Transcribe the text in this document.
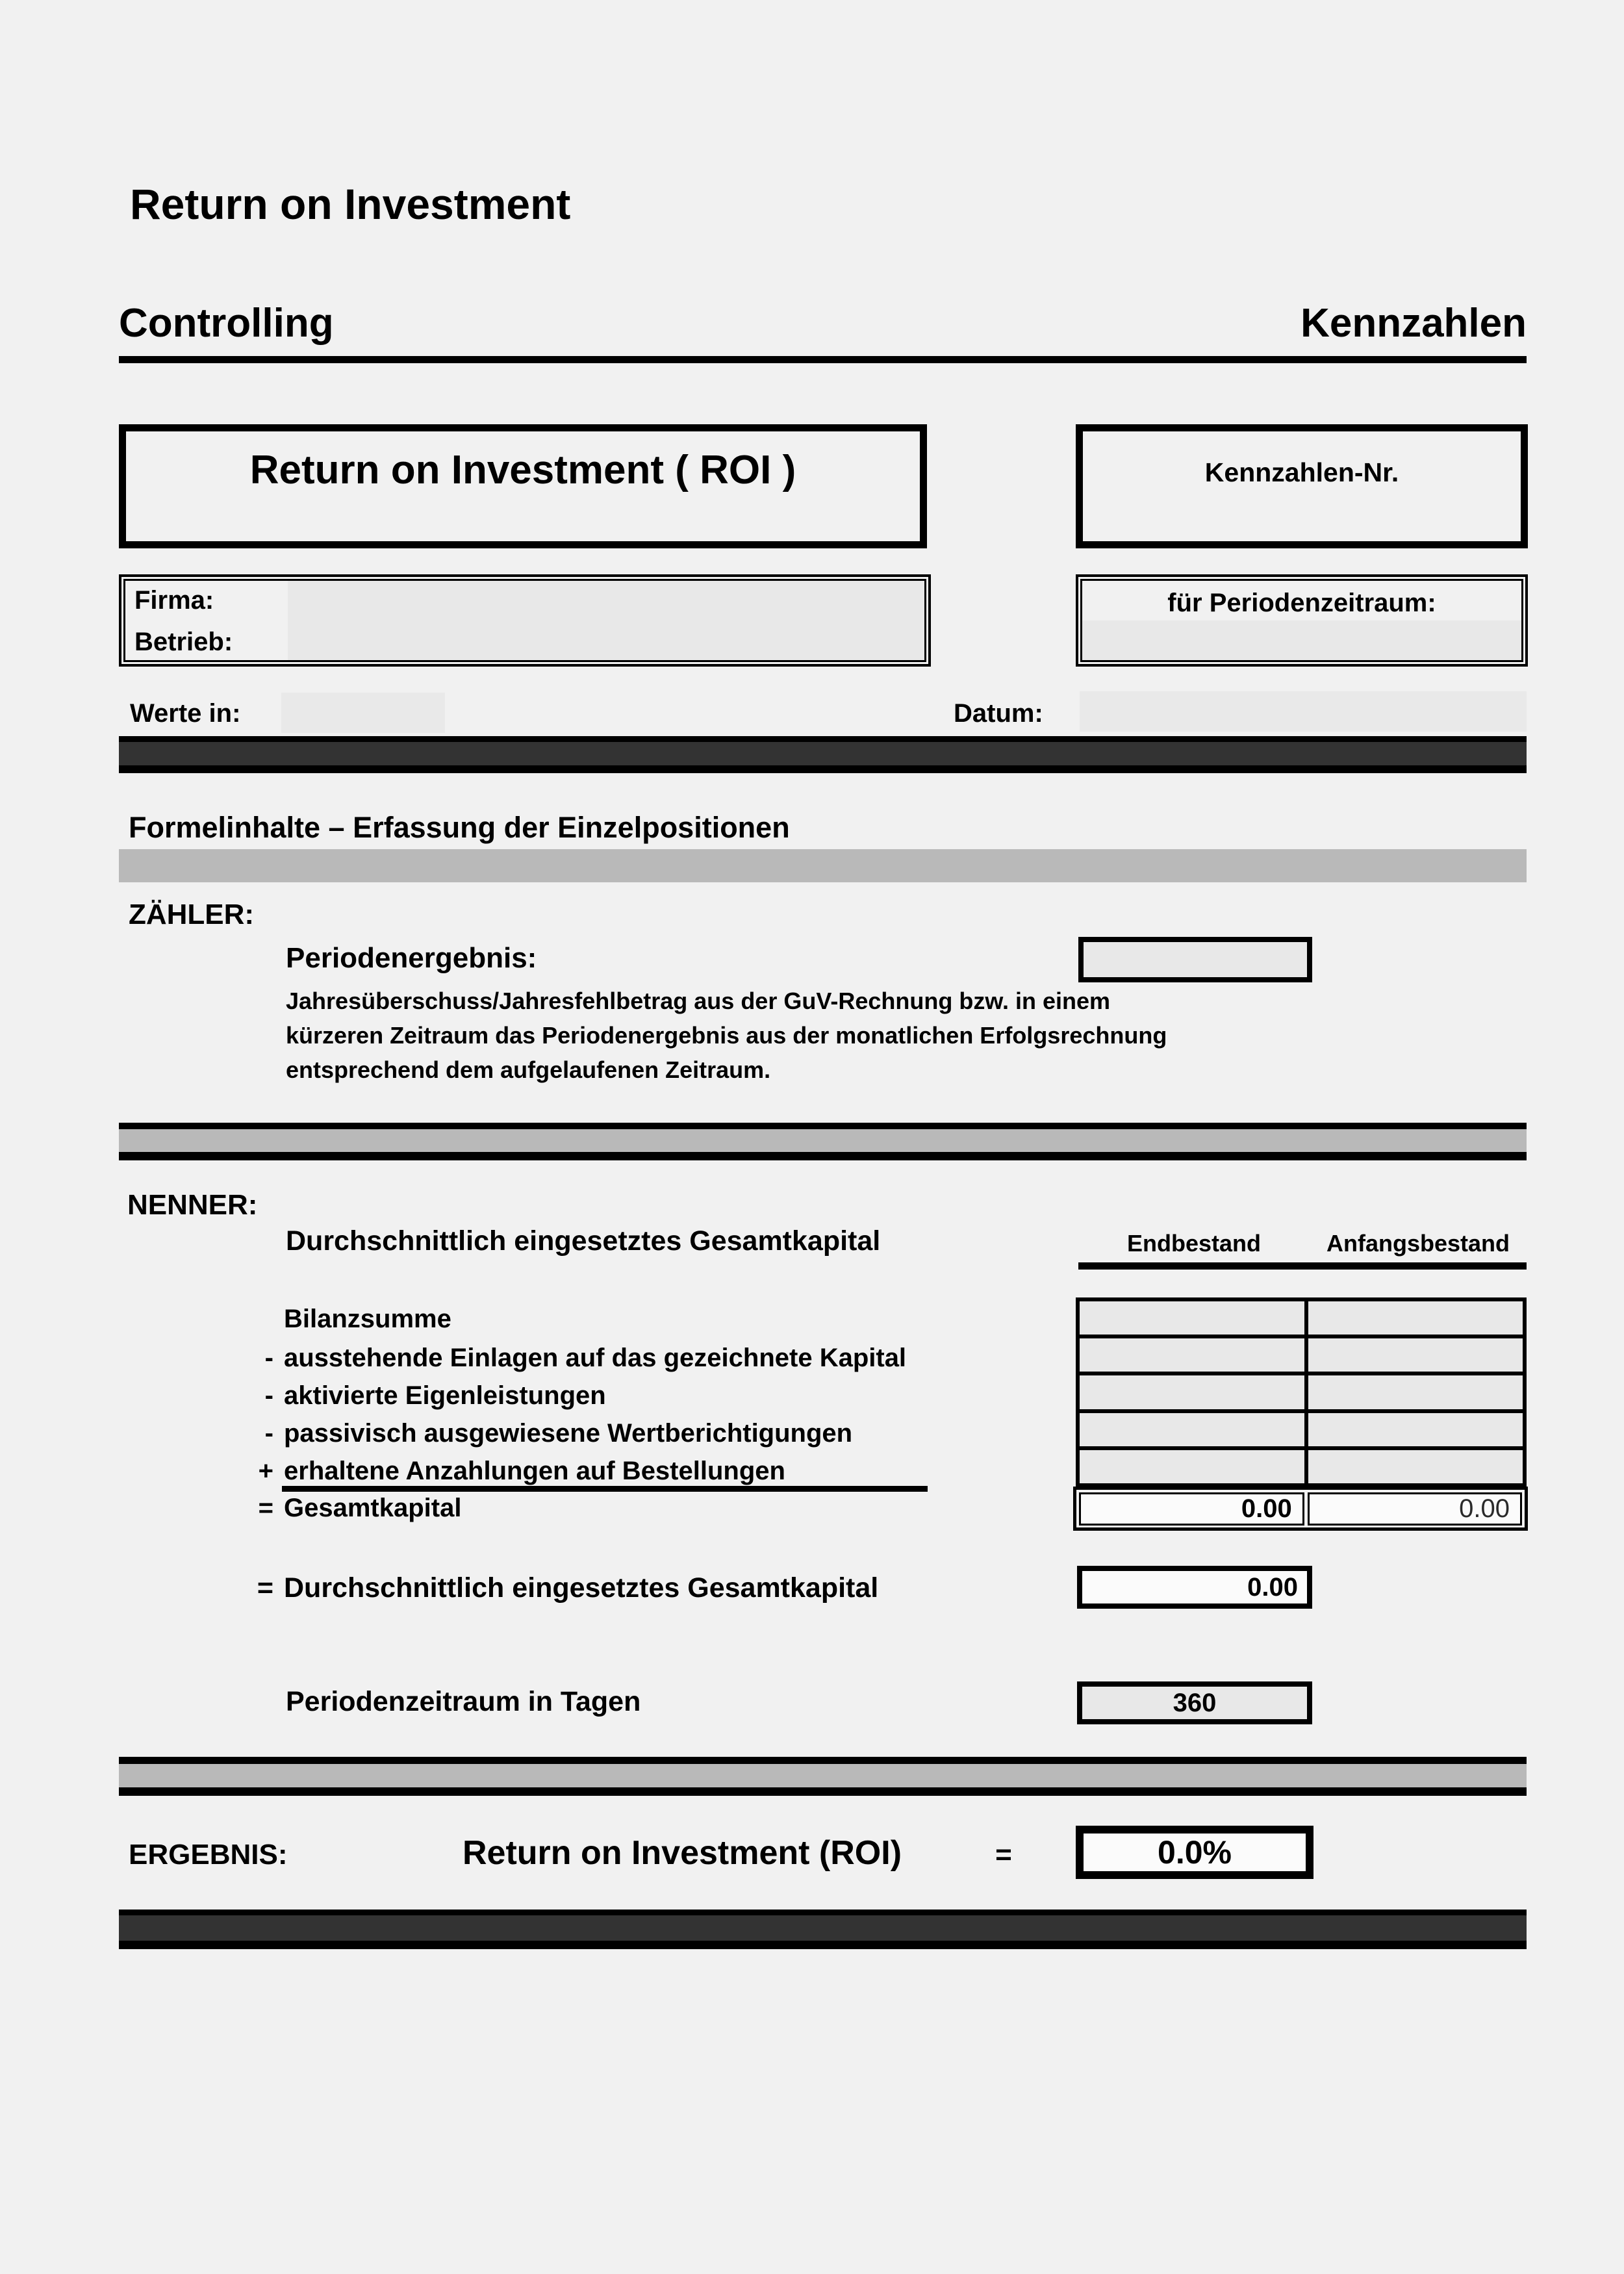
Return on Investment
Controlling	Kennzahlen
Return on Investment ( ROI )	Kennzahlen-Nr.
Firma:
Betrieb:
für Periodenzeitraum:
Werte in:	Datum:
Formelinhalte – Erfassung der Einzelpositionen
ZÄHLER:
Periodenergebnis:
Jahresüberschuss/Jahresfehlbetrag aus der GuV-Rechnung bzw. in einem
kürzeren Zeitraum das Periodenergebnis aus der monatlichen Erfolgsrechnung
entsprechend dem aufgelaufenen Zeitraum.
NENNER:
Durchschnittlich eingesetztes Gesamtkapital	Endbestand	Anfangsbestand
Bilanzsumme
- ausstehende Einlagen auf das gezeichnete Kapital
- aktivierte Eigenleistungen
- passivisch ausgewiesene Wertberichtigungen
+ erhaltene Anzahlungen auf Bestellungen
= Gesamtkapital	0.00	0.00
= Durchschnittlich eingesetztes Gesamtkapital	0.00
Periodenzeitraum in Tagen	360
ERGEBNIS:	Return on Investment (ROI)	=	0.0%
